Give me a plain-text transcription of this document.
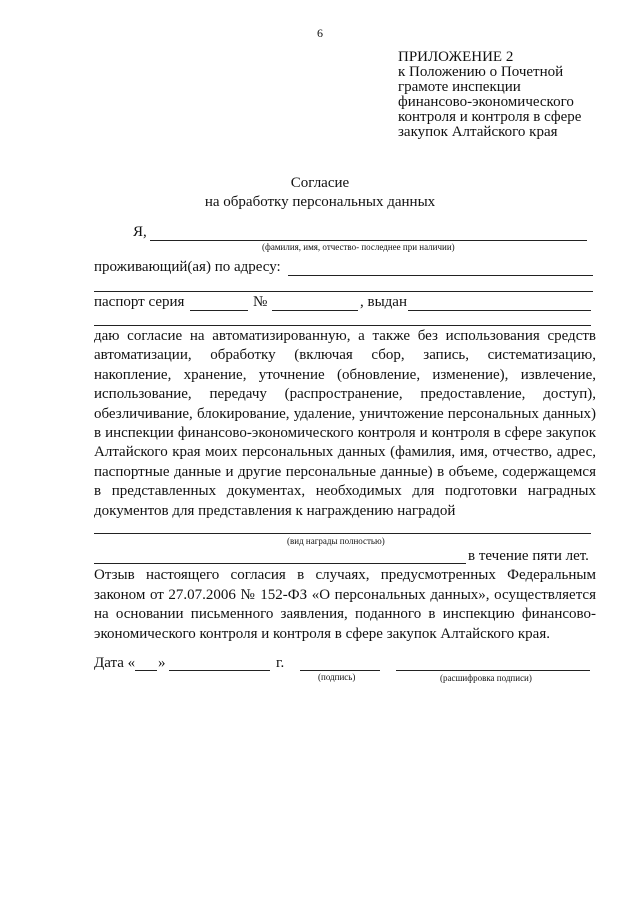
6
ПРИЛОЖЕНИЕ 2
к Положению о Почетной
грамоте инспекции
финансово-экономического
контроля и контроля в сфере
закупок Алтайского края
Согласие
на обработку персональных данных
Я,
(фамилия, имя, отчество- последнее при наличии)
проживающий(ая) по адресу:
паспорт серия	№	, выдан
даю согласие на автоматизированную, а также без использования средств автоматизации, обработку (включая сбор, запись, систематизацию, накопление, хранение, уточнение (обновление, изменение), извлечение, использование, передачу (распространение, предоставление, доступ), обезличивание, блокирование, удаление, уничтожение персональных данных) в инспекции финансово-экономического контроля и контроля в сфере закупок Алтайского края моих персональных данных (фамилия, имя, отчество, адрес, паспортные данные и другие персональные данные) в объеме, содержащемся в представленных документах, необходимых для подготовки наградных документов для представления к награждению наградой
(вид награды полностью)
в течение пяти лет.
Отзыв настоящего согласия в случаях, предусмотренных Федеральным законом от 27.07.2006 № 152-ФЗ «О персональных данных», осуществляется на основании письменного заявления, поданного в инспекцию финансово-экономического контроля и контроля в сфере закупок Алтайского края.
Дата « »	г.
(подпись)	(расшифровка подписи)
